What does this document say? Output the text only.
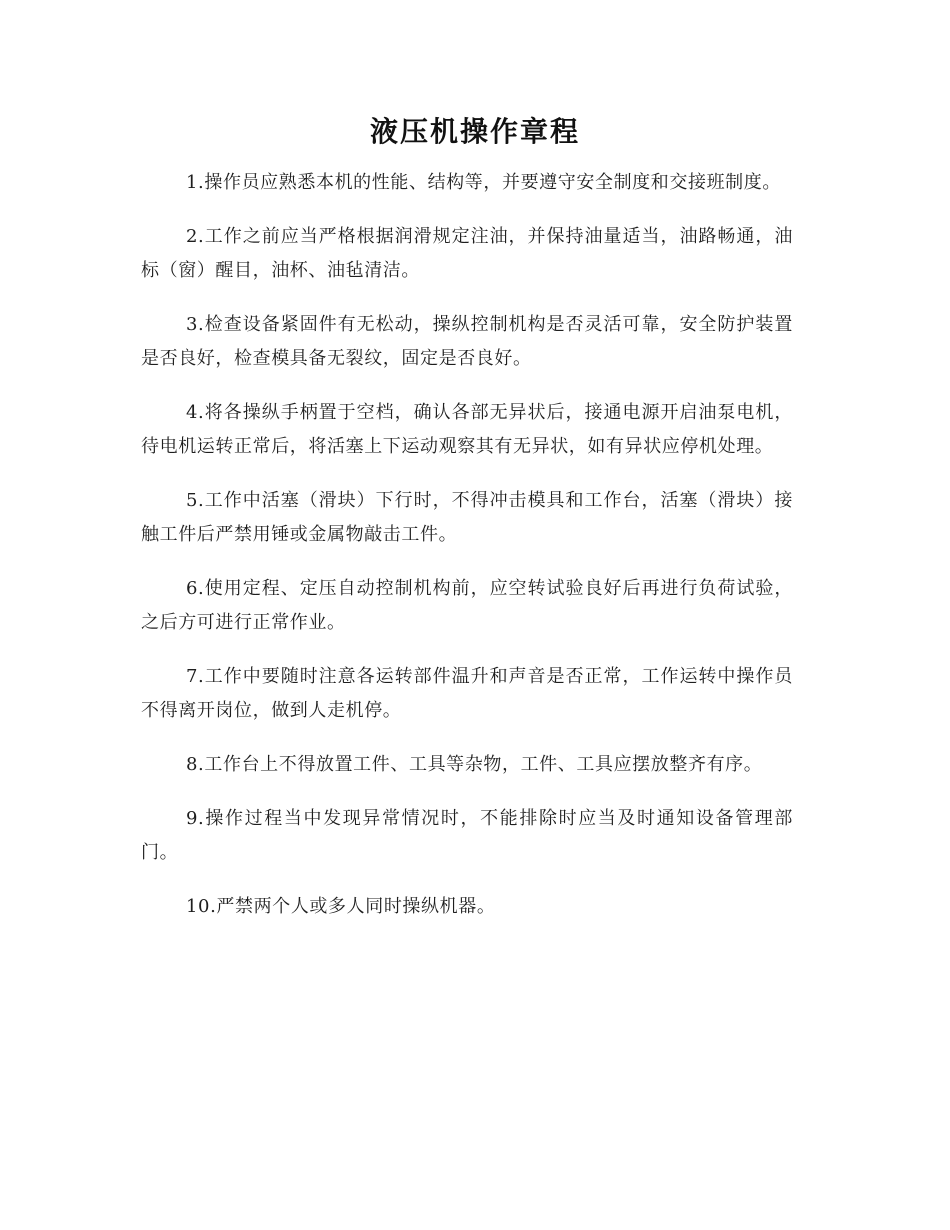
液压机操作章程

1.操作员应熟悉本机的性能、结构等，并要遵守安全制度和交接班制度。

2.工作之前应当严格根据润滑规定注油，并保持油量适当，油路畅通，油标（窗）醒目，油杯、油毡清洁。

3.检查设备紧固件有无松动，操纵控制机构是否灵活可靠，安全防护装置是否良好，检查模具备无裂纹，固定是否良好。

4.将各操纵手柄置于空档，确认各部无异状后，接通电源开启油泵电机，待电机运转正常后，将活塞上下运动观察其有无异状，如有异状应停机处理。

5.工作中活塞（滑块）下行时，不得冲击模具和工作台，活塞（滑块）接触工件后严禁用锤或金属物敲击工件。

6.使用定程、定压自动控制机构前，应空转试验良好后再进行负荷试验，之后方可进行正常作业。

7.工作中要随时注意各运转部件温升和声音是否正常，工作运转中操作员不得离开岗位，做到人走机停。

8.工作台上不得放置工件、工具等杂物，工件、工具应摆放整齐有序。

9.操作过程当中发现异常情况时，不能排除时应当及时通知设备管理部门。

10.严禁两个人或多人同时操纵机器。
